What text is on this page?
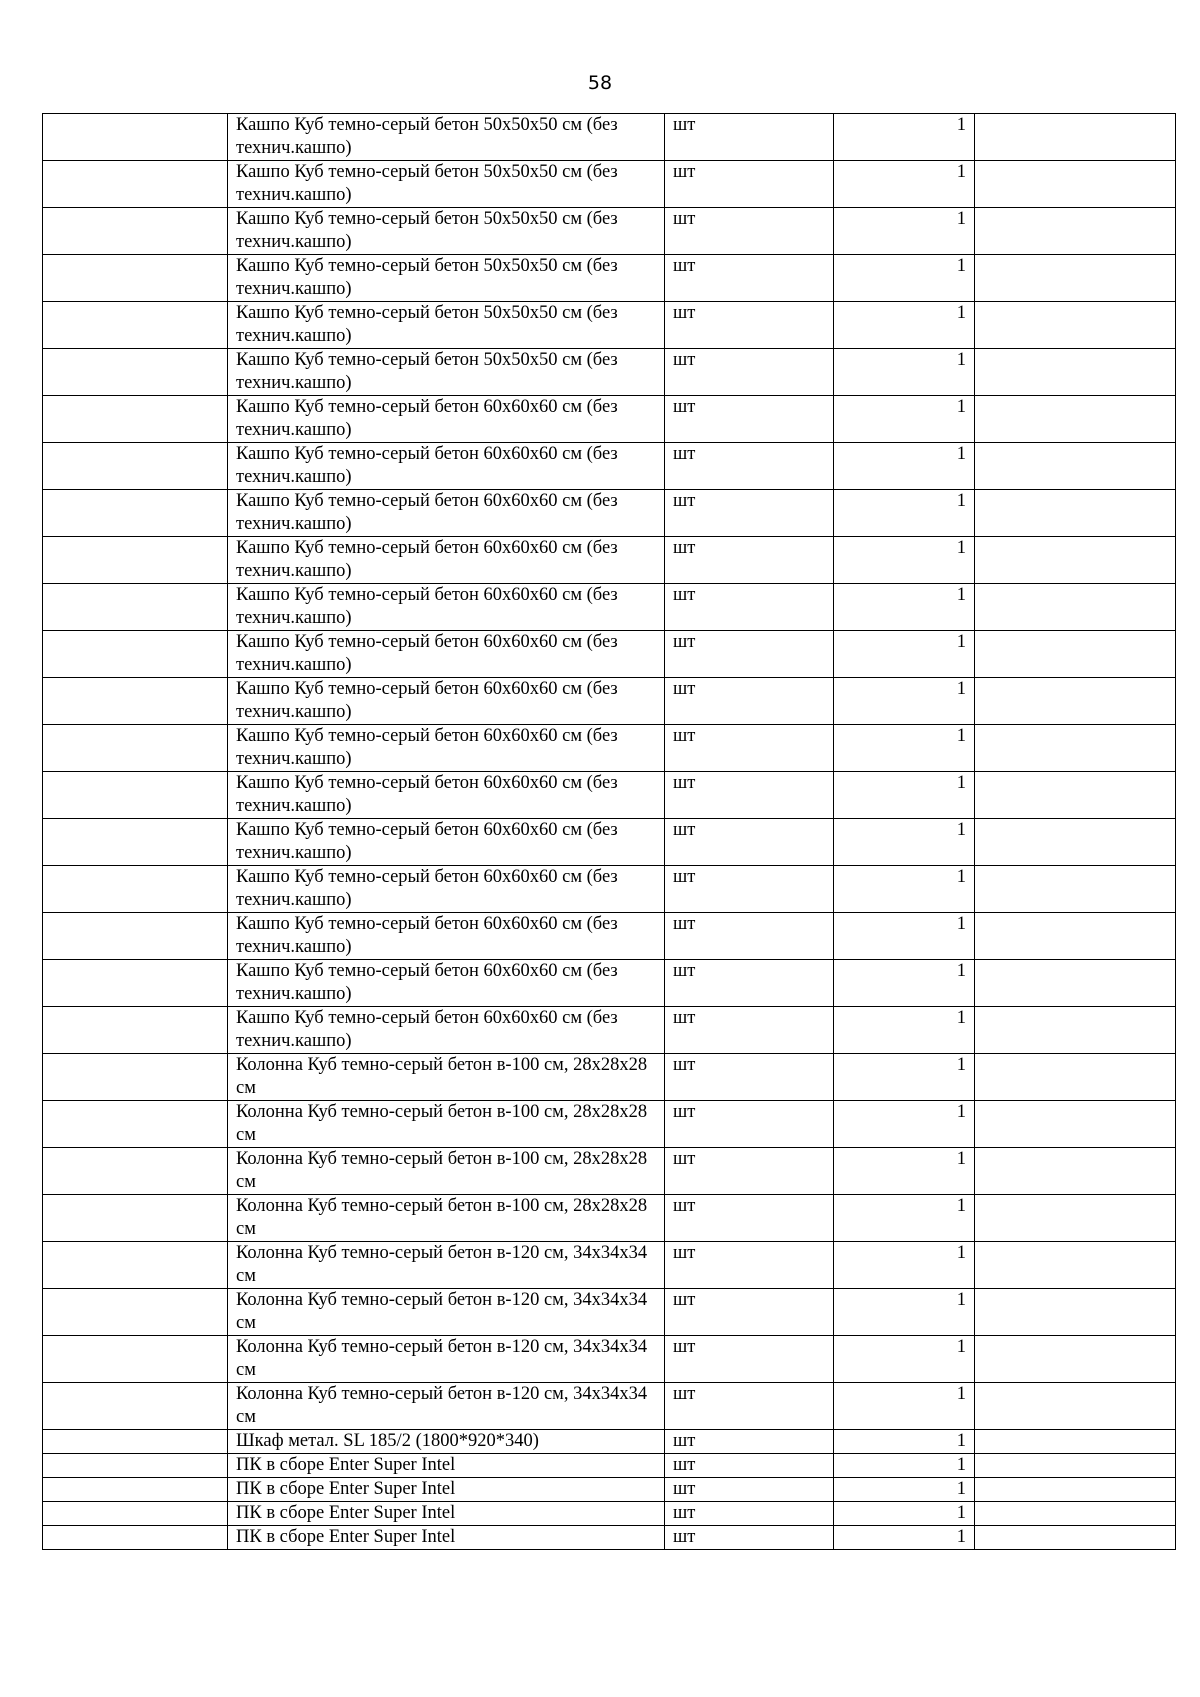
58
	Кашпо Куб темно-серый бетон 50х50х50 см (без технич.кашпо)	шт	1	
	Кашпо Куб темно-серый бетон 50х50х50 см (без технич.кашпо)	шт	1	
	Кашпо Куб темно-серый бетон 50х50х50 см (без технич.кашпо)	шт	1	
	Кашпо Куб темно-серый бетон 50х50х50 см (без технич.кашпо)	шт	1	
	Кашпо Куб темно-серый бетон 50х50х50 см (без технич.кашпо)	шт	1	
	Кашпо Куб темно-серый бетон 50х50х50 см (без технич.кашпо)	шт	1	
	Кашпо Куб темно-серый бетон 60х60х60 см (без технич.кашпо)	шт	1	
	Кашпо Куб темно-серый бетон 60х60х60 см (без технич.кашпо)	шт	1	
	Кашпо Куб темно-серый бетон 60х60х60 см (без технич.кашпо)	шт	1	
	Кашпо Куб темно-серый бетон 60х60х60 см (без технич.кашпо)	шт	1	
	Кашпо Куб темно-серый бетон 60х60х60 см (без технич.кашпо)	шт	1	
	Кашпо Куб темно-серый бетон 60х60х60 см (без технич.кашпо)	шт	1	
	Кашпо Куб темно-серый бетон 60х60х60 см (без технич.кашпо)	шт	1	
	Кашпо Куб темно-серый бетон 60х60х60 см (без технич.кашпо)	шт	1	
	Кашпо Куб темно-серый бетон 60х60х60 см (без технич.кашпо)	шт	1	
	Кашпо Куб темно-серый бетон 60х60х60 см (без технич.кашпо)	шт	1	
	Кашпо Куб темно-серый бетон 60х60х60 см (без технич.кашпо)	шт	1	
	Кашпо Куб темно-серый бетон 60х60х60 см (без технич.кашпо)	шт	1	
	Кашпо Куб темно-серый бетон 60х60х60 см (без технич.кашпо)	шт	1	
	Кашпо Куб темно-серый бетон 60х60х60 см (без технич.кашпо)	шт	1	
	Колонна Куб темно-серый бетон в-100 см, 28х28х28 см	шт	1	
	Колонна Куб темно-серый бетон в-100 см, 28х28х28 см	шт	1	
	Колонна Куб темно-серый бетон в-100 см, 28х28х28 см	шт	1	
	Колонна Куб темно-серый бетон в-100 см, 28х28х28 см	шт	1	
	Колонна Куб темно-серый бетон в-120 см, 34х34х34 см	шт	1	
	Колонна Куб темно-серый бетон в-120 см, 34х34х34 см	шт	1	
	Колонна Куб темно-серый бетон в-120 см, 34х34х34 см	шт	1	
	Колонна Куб темно-серый бетон в-120 см, 34х34х34 см	шт	1	
	Шкаф метал. SL 185/2 (1800*920*340)	шт	1	
	ПК в сборе Enter Super Intel	шт	1	
	ПК в сборе Enter Super Intel	шт	1	
	ПК в сборе Enter Super Intel	шт	1	
	ПК в сборе Enter Super Intel	шт	1	
